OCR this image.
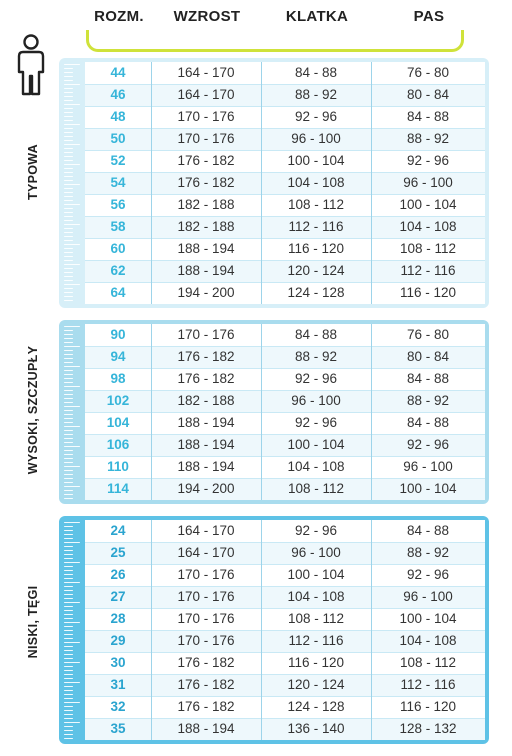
ROZM.	WZROST	KLATKA	PAS
44	164 - 170	84 - 88	76 - 80
46	164 - 170	88 - 92	80 - 84
48	170 - 176	92 - 96	84 - 88
50	170 - 176	96 - 100	88 - 92
52	176 - 182	100 - 104	92 - 96
54	176 - 182	104 - 108	96 - 100
56	182 - 188	108 - 112	100 - 104
58	182 - 188	112 - 116	104 - 108
60	188 - 194	116 - 120	108 - 112
62	188 - 194	120 - 124	112 - 116
64	194 - 200	124 - 128	116 - 120
TYPOWA
90	170 - 176	84 - 88	76 - 80
94	176 - 182	88 - 92	80 - 84
98	176 - 182	92 - 96	84 - 88
102	182 - 188	96 - 100	88 - 92
104	188 - 194	92 - 96	84 - 88
106	188 - 194	100 - 104	92 - 96
110	188 - 194	104 - 108	96 - 100
114	194 - 200	108 - 112	100 - 104
WYSOKI, SZCZUPŁY
24	164 - 170	92 - 96	84 - 88
25	164 - 170	96 - 100	88 - 92
26	170 - 176	100 - 104	92 - 96
27	170 - 176	104 - 108	96 - 100
28	170 - 176	108 - 112	100 - 104
29	170 - 176	112 - 116	104 - 108
30	176 - 182	116 - 120	108 - 112
31	176 - 182	120 - 124	112 - 116
32	176 - 182	124 - 128	116 - 120
35	188 - 194	136 - 140	128 - 132
NISKI, TĘGI
